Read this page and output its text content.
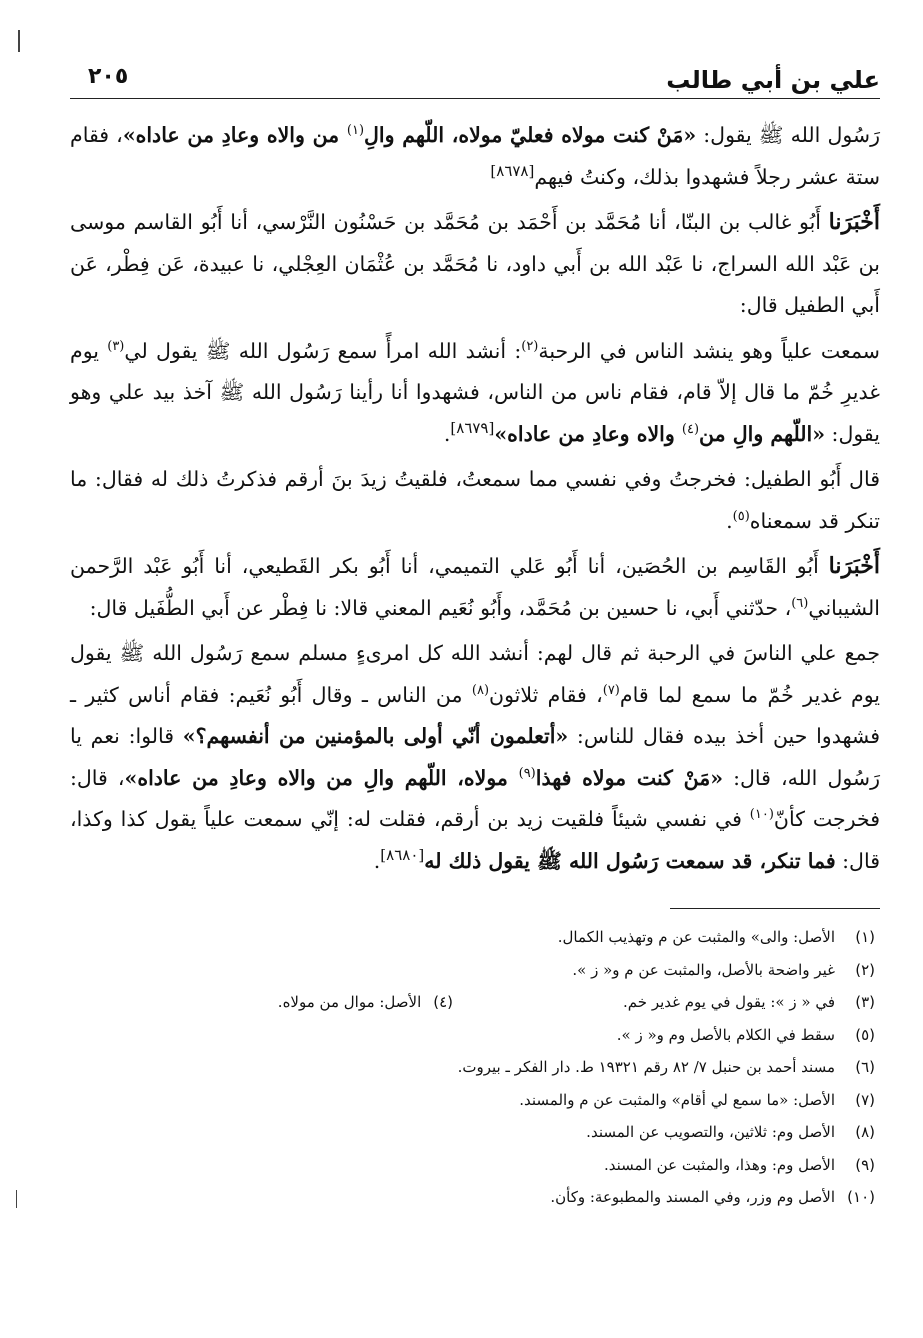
علي بن أبي طالب
٢٠٥

رَسُول الله ﷺ يقول: «مَنْ كنت مولاه فعليّ مولاه، اللّهم والِ$^{(١)}$ من والاه وعادِ من عاداه»، فقام ستة عشر رجلاً فشهدوا بذلك، وكنتُ فيهم[٨٦٧٨]

أَخْبَرَنا أَبُو غالب بن البنّا، أنا مُحَمَّد بن أَحْمَد بن مُحَمَّد بن حَسْنُون النَّرْسي، أنا أَبُو القاسم موسى بن عَبْد الله السراج، نا عَبْد الله بن أَبي داود، نا مُحَمَّد بن عُثْمَان العِجْلي، نا عبيدة، عَن فِطْر، عَن أَبي الطفيل قال:

سمعت علياً وهو ينشد الناس في الرحبة$^{(٢)}$: أنشد الله امرأً سمع رَسُول الله ﷺ يقول لي$^{(٣)}$ يوم غديرِ خُمّ ما قال إلاّ قام، فقام ناس من الناس، فشهدوا أنا رأينا رَسُول الله ﷺ آخذ بيد علي وهو يقول: «اللّهم والِ من$^{(٤)}$ والاه وعادِ من عاداه»[٨٦٧٩].

قال أَبُو الطفيل: فخرجتُ وفي نفسي مما سمعتُ، فلقيتُ زيدَ بنَ أرقم فذكرتُ ذلك له فقال: ما تنكر قد سمعناه$^{(٥)}$.

أَخْبَرَنا أَبُو القَاسِم بن الحُصَين، أنا أَبُو عَلي التميمي، أنا أَبُو بكر القَطيعي، أنا أَبُو عَبْد الرَّحمن الشيباني$^{(٦)}$، حدّثني أَبي، نا حسين بن مُحَمَّد، وأَبُو نُعَيم المعني قالا: نا فِطْر عن أَبي الطُّفَيل قال:

جمع علي الناسَ في الرحبة ثم قال لهم: أنشد الله كل امرىءٍ مسلم سمع رَسُول الله ﷺ يقول يوم غدير خُمّ ما سمع لما قام$^{(٧)}$، فقام ثلاثون$^{(٨)}$ من الناس ـ وقال أَبُو نُعَيم: فقام أناس كثير ـ فشهدوا حين أخذ بيده فقال للناس: «أتعلمون أنّي أولى بالمؤمنين من أنفسهم؟» قالوا: نعم يا رَسُول الله، قال: «مَنْ كنت مولاه فهذا$^{(٩)}$ مولاه، اللّهم والِ من والاه وعادِ من عاداه»، قال: فخرجت كأنّ$^{(١٠)}$ في نفسي شيئاً فلقيت زيد بن أرقم، فقلت له: إنّي سمعت علياً يقول كذا وكذا، قال: فما تنكر، قد سمعت رَسُول الله ﷺ يقول ذلك له[٨٦٨٠].

(١)
الأصل: والى» والمثبت عن م وتهذيب الكمال.
(٢)
غير واضحة بالأصل، والمثبت عن م و« ز ».
(٣)
في « ز »: يقول في يوم غدير خم.(٤)الأصل: موال من مولاه.
(٥)
سقط في الكلام بالأصل وم و« ز ».
(٦)
مسند أحمد بن حنبل ٧/ ٨٢ رقم ١٩٣٢١ ط. دار الفكر ـ بيروت.
(٧)
الأصل: «ما سمع لي أقام» والمثبت عن م والمسند.
(٨)
الأصل وم: ثلاثين، والتصويب عن المسند.
(٩)
الأصل وم: وهذا، والمثبت عن المسند.
(١٠)
الأصل وم وزر، وفي المسند والمطبوعة: وكأن.
